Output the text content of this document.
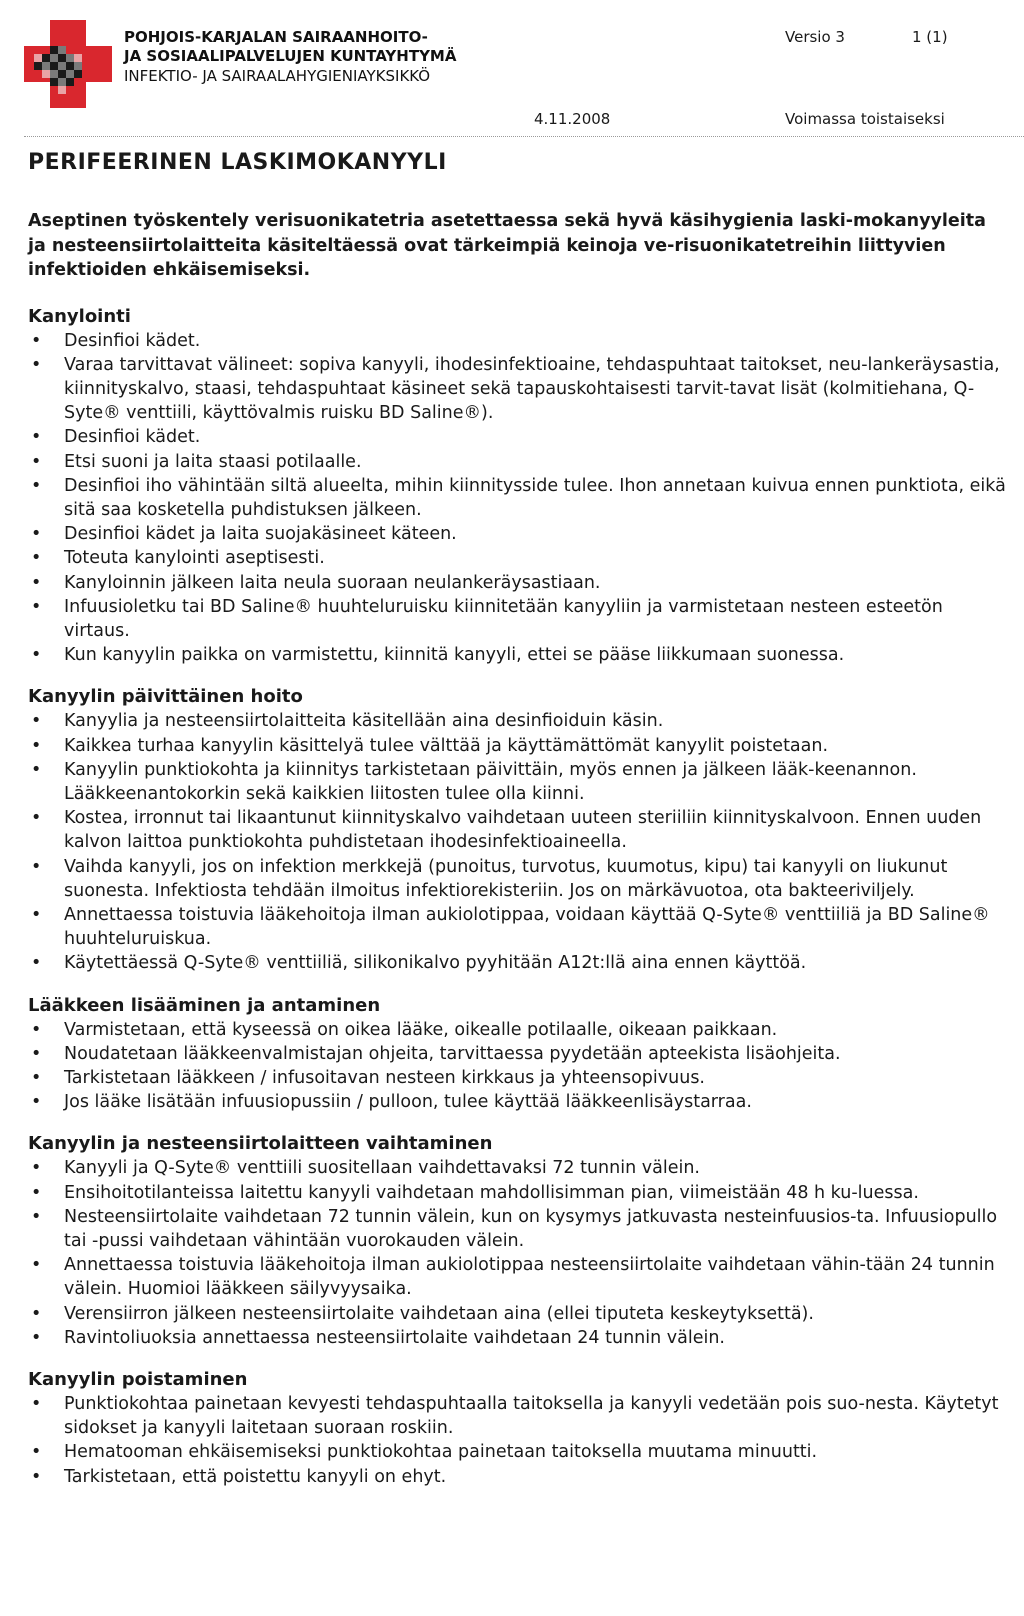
POHJOIS-KARJALAN SAIRAANHOITO-
JA SOSIAALIPALVELUJEN KUNTAYHTYMÄ
INFEKTIO- JA SAIRAALAHYGIENIAYKSIKKÖ
Versio 3	1 (1)
4.11.2008	Voimassa toistaiseksi
PERIFEERINEN LASKIMOKANYYLI

Aseptinen työskentely verisuonikatetria asetettaessa sekä hyvä käsihygienia laski-mokanyyleita ja nesteensiirtolaitteita käsiteltäessä ovat tärkeimpiä keinoja ve-risuonikatetreihin liittyvien infektioiden ehkäisemiseksi.

Kanylointi
• Desinfioi kädet.
• Varaa tarvittavat välineet: sopiva kanyyli, ihodesinfektioaine, tehdaspuhtaat taitokset, neu-lankeräysastia, kiinnityskalvo, staasi, tehdaspuhtaat käsineet sekä tapauskohtaisesti tarvit-tavat lisät (kolmitiehana, Q-Syte® venttiili, käyttövalmis ruisku BD Saline®).
• Desinfioi kädet.
• Etsi suoni ja laita staasi potilaalle.
• Desinfioi iho vähintään siltä alueelta, mihin kiinnitysside tulee. Ihon annetaan kuivua ennen punktiota, eikä sitä saa kosketella puhdistuksen jälkeen.
• Desinfioi kädet ja laita suojakäsineet käteen.
• Toteuta kanylointi aseptisesti.
• Kanyloinnin jälkeen laita neula suoraan neulankeräysastiaan.
• Infuusioletku tai BD Saline® huuhteluruisku kiinnitetään kanyyliin ja varmistetaan nesteen esteetön virtaus.
• Kun kanyylin paikka on varmistettu, kiinnitä kanyyli, ettei se pääse liikkumaan suonessa.
Kanyylin päivittäinen hoito
• Kanyylia ja nesteensiirtolaitteita käsitellään aina desinfioiduin käsin.
• Kaikkea turhaa kanyylin käsittelyä tulee välttää ja käyttämättömät kanyylit poistetaan.
• Kanyylin punktiokohta ja kiinnitys tarkistetaan päivittäin, myös ennen ja jälkeen lääk-keenannon. Lääkkeenantokorkin sekä kaikkien liitosten tulee olla kiinni.
• Kostea, irronnut tai likaantunut kiinnityskalvo vaihdetaan uuteen steriiliin kiinnityskalvoon. Ennen uuden kalvon laittoa punktiokohta puhdistetaan ihodesinfektioaineella.
• Vaihda kanyyli, jos on infektion merkkejä (punoitus, turvotus, kuumotus, kipu) tai kanyyli on liukunut suonesta. Infektiosta tehdään ilmoitus infektiorekisteriin. Jos on märkävuotoa, ota bakteeriviljely.
• Annettaessa toistuvia lääkehoitoja ilman aukiolotippaa, voidaan käyttää Q-Syte® venttiiliä ja BD Saline® huuhteluruiskua.
• Käytettäessä Q-Syte® venttiiliä, silikonikalvo pyyhitään A12t:llä aina ennen käyttöä.
Lääkkeen lisääminen ja antaminen
• Varmistetaan, että kyseessä on oikea lääke, oikealle potilaalle, oikeaan paikkaan.
• Noudatetaan lääkkeenvalmistajan ohjeita, tarvittaessa pyydetään apteekista lisäohjeita.
• Tarkistetaan lääkkeen / infusoitavan nesteen kirkkaus ja yhteensopivuus.
• Jos lääke lisätään infuusiopussiin / pulloon, tulee käyttää lääkkeenlisäystarraa.
Kanyylin ja nesteensiirtolaitteen vaihtaminen
• Kanyyli ja Q-Syte® venttiili suositellaan vaihdettavaksi 72 tunnin välein.
• Ensihoitotilanteissa laitettu kanyyli vaihdetaan mahdollisimman pian, viimeistään 48 h ku-luessa.
• Nesteensiirtolaite vaihdetaan 72 tunnin välein, kun on kysymys jatkuvasta nesteinfuusios-ta. Infuusiopullo tai -pussi vaihdetaan vähintään vuorokauden välein.
• Annettaessa toistuvia lääkehoitoja ilman aukiolotippaa nesteensiirtolaite vaihdetaan vähin-tään 24 tunnin välein. Huomioi lääkkeen säilyvyysaika.
• Verensiirron jälkeen nesteensiirtolaite vaihdetaan aina (ellei tiputeta keskeytyksettä).
• Ravintoliuoksia annettaessa nesteensiirtolaite vaihdetaan 24 tunnin välein.
Kanyylin poistaminen
• Punktiokohtaa painetaan kevyesti tehdaspuhtaalla taitoksella ja kanyyli vedetään pois suo-nesta. Käytetyt sidokset ja kanyyli laitetaan suoraan roskiin.
• Hematooman ehkäisemiseksi punktiokohtaa painetaan taitoksella muutama minuutti.
• Tarkistetaan, että poistettu kanyyli on ehyt.
